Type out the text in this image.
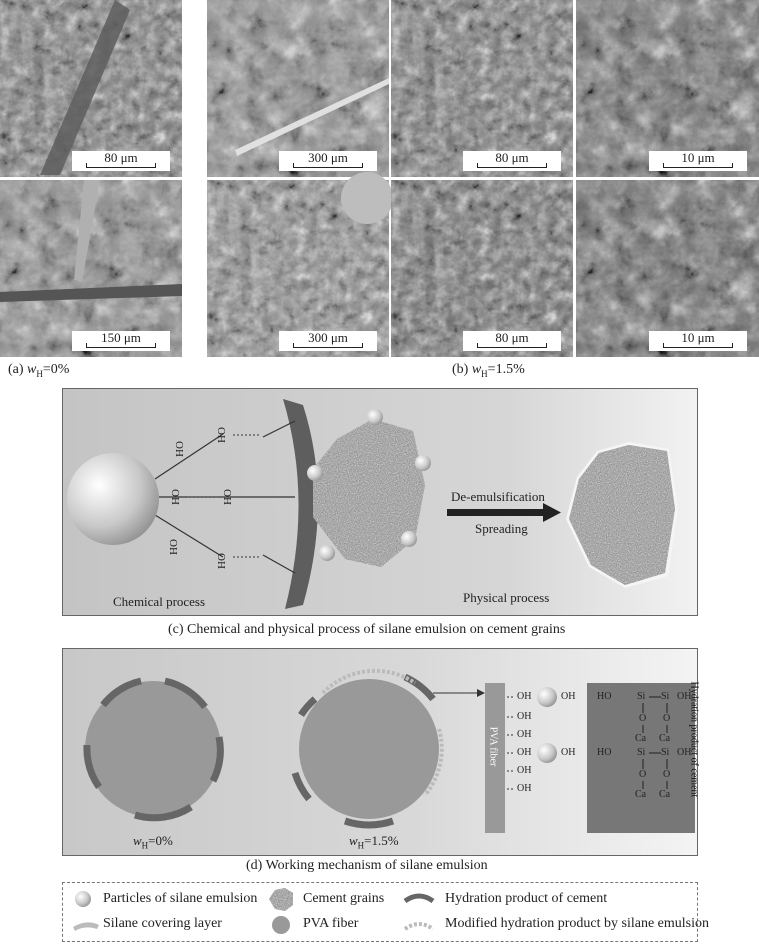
80 μm	300 μm	80 μm	10 μm
150 μm	300 μm	80 μm	10 μm
(a) $w_H=0\%$	(b) $w_H=1.5\%$
OH
OH
OH	OH
OH
OH
De-emulsification
Spreading
Chemical process	Physical process
(c) Chemical and physical process of silane emulsion on cement grains
$w_H=0\%$	$w_H=1.5\%$
PVA fiber	Hydration product of cement
OH
OH
OH
OH
OH
OH
OH HO	Si Si OH
O O
Ca Ca
OH HO	Si Si OH
O O
Ca Ca
(d) Working mechanism of silane emulsion
Particles of silane emulsion	Cement grains	Hydration product of cement
Silane covering layer	PVA fiber	Modified hydration product by silane emulsion
